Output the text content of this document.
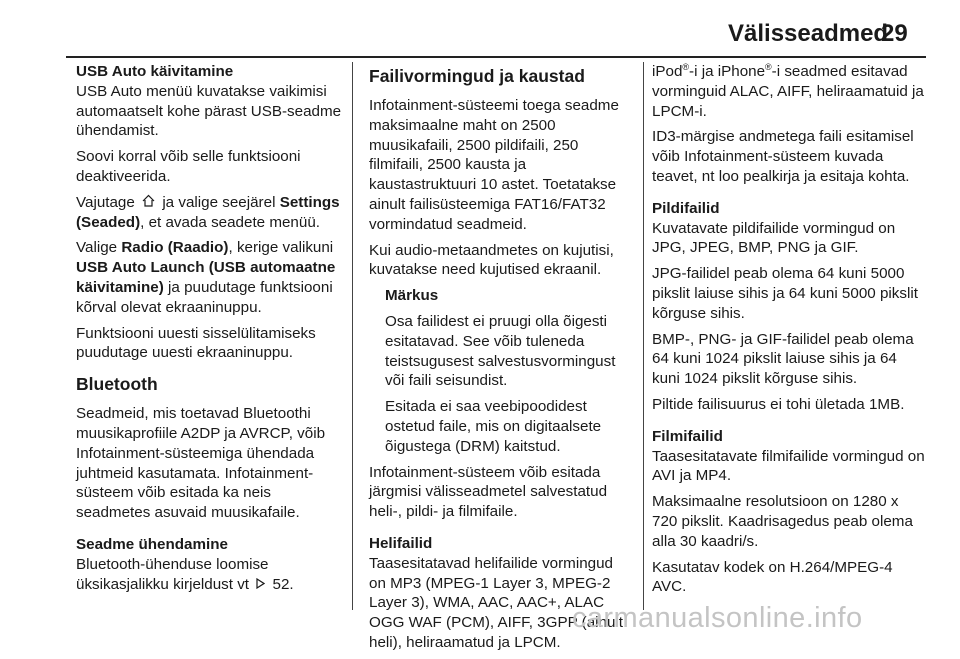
Välisseadmed
29

USB Auto käivitamine

USB Auto menüü kuvatakse vaikimisi automaatselt kohe pärast USB-seadme ühendamist.

Soovi korral võib selle funktsiooni deaktiveerida.

Vajutage ja valige seejärel Settings (Seaded), et avada seadete menüü.

Valige Radio (Raadio), kerige valikuni USB Auto Launch (USB automaatne käivitamine) ja puudutage funktsiooni kõrval olevat ekraaninuppu.

Funktsiooni uuesti sisselülitamiseks puudutage uuesti ekraaninuppu.

Bluetooth

Seadmeid, mis toetavad Bluetoothi muusikaprofiile A2DP ja AVRCP, võib Infotainment-süsteemiga ühendada juhtmeid kasutamata. Infotainment-süsteem võib esitada ka neis seadmetes asuvaid muusikafaile.

Seadme ühendamine

Bluetooth-ühenduse loomise üksikasjalikku kirjeldust vt 52.

Failivormingud ja kaustad

Infotainment-süsteemi toega seadme maksimaalne maht on 2500 muusikafaili, 2500 pildifaili, 250 filmifaili, 2500 kausta ja kaustastruktuuri 10 astet. Toetatakse ainult failisüsteemiga FAT16/FAT32 vormindatud seadmeid.

Kui audio-metaandmetes on kujutisi, kuvatakse need kujutised ekraanil.

Märkus

Osa failidest ei pruugi olla õigesti esitatavad. See võib tuleneda teistsugusest salvestusvormingust või faili seisundist.

Esitada ei saa veebipoodidest ostetud faile, mis on digitaalsete õigustega (DRM) kaitstud.

Infotainment-süsteem võib esitada järgmisi välisseadmetel salvestatud heli-, pildi- ja filmifaile.

Helifailid

Taasesitatavad helifailide vormingud on MP3 (MPEG-1 Layer 3, MPEG-2 Layer 3), WMA, AAC, AAC+, ALAC OGG WAF (PCM), AIFF, 3GPP (ainult heli), heliraamatud ja LPCM.

iPod®-i ja iPhone®-i seadmed esitavad vorminguid ALAC, AIFF, heliraamatuid ja LPCM-i.

ID3-märgise andmetega faili esitamisel võib Infotainment-süsteem kuvada teavet, nt loo pealkirja ja esitaja kohta.

Pildifailid

Kuvatavate pildifailide vormingud on JPG, JPEG, BMP, PNG ja GIF.

JPG-failidel peab olema 64 kuni 5000 pikslit laiuse sihis ja 64 kuni 5000 pikslit kõrguse sihis.

BMP-, PNG- ja GIF-failidel peab olema 64 kuni 1024 pikslit laiuse sihis ja 64 kuni 1024 pikslit kõrguse sihis.

Piltide failisuurus ei tohi ületada 1MB.

Filmifailid

Taasesitatavate filmifailide vormingud on AVI ja MP4.

Maksimaalne resolutsioon on 1280 x 720 pikslit. Kaadrisagedus peab olema alla 30 kaadri/s.

Kasutatav kodek on H.264/MPEG-4 AVC.

carmanualsonline.info
